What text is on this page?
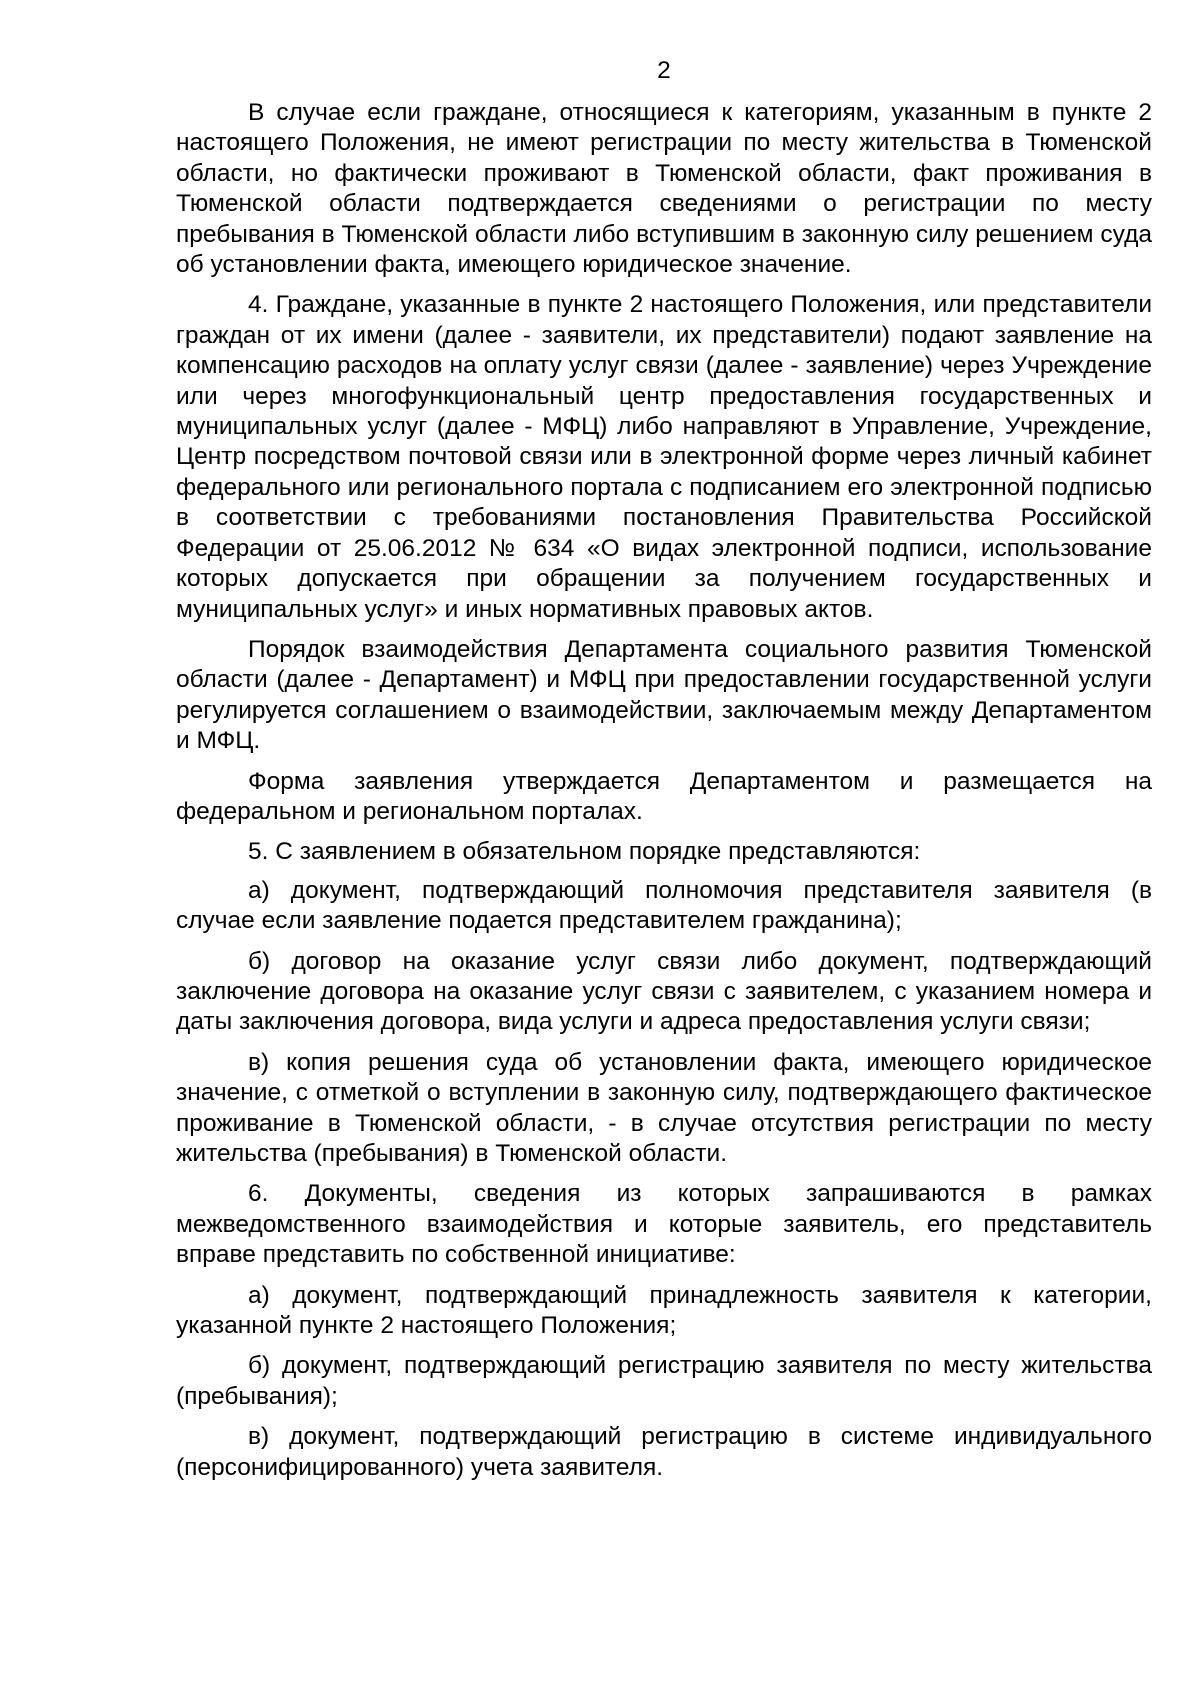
2

В случае если граждане, относящиеся к категориям, указанным в пункте 2 настоящего Положения, не имеют регистрации по месту жительства в Тюменской области, но фактически проживают в Тюменской области, факт проживания в Тюменской области подтверждается сведениями о регистрации по месту пребывания в Тюменской области либо вступившим в законную силу решением суда об установлении факта, имеющего юридическое значение.

4. Граждане, указанные в пункте 2 настоящего Положения, или представители граждан от их имени (далее - заявители, их представители) подают заявление на компенсацию расходов на оплату услуг связи (далее - заявление) через Учреждение или через многофункциональный центр предоставления государственных и муниципальных услуг (далее - МФЦ) либо направляют в Управление, Учреждение, Центр посредством почтовой связи или в электронной форме через личный кабинет федерального или регионального портала с подписанием его электронной подписью в соответствии с требованиями постановления Правительства Российской Федерации от 25.06.2012 № 634 «О видах электронной подписи, использование которых допускается при обращении за получением государственных и муниципальных услуг» и иных нормативных правовых актов.

Порядок взаимодействия Департамента социального развития Тюменской области (далее - Департамент) и МФЦ при предоставлении государственной услуги регулируется соглашением о взаимодействии, заключаемым между Департаментом и МФЦ.

Форма заявления утверждается Департаментом и размещается на федеральном и региональном порталах.

5. С заявлением в обязательном порядке представляются:

а) документ, подтверждающий полномочия представителя заявителя (в случае если заявление подается представителем гражданина);

б) договор на оказание услуг связи либо документ, подтверждающий заключение договора на оказание услуг связи с заявителем, с указанием номера и даты заключения договора, вида услуги и адреса предоставления услуги связи;

в) копия решения суда об установлении факта, имеющего юридическое значение, с отметкой о вступлении в законную силу, подтверждающего фактическое проживание в Тюменской области, - в случае отсутствия регистрации по месту жительства (пребывания) в Тюменской области.

6. Документы, сведения из которых запрашиваются в рамках межведомственного взаимодействия и которые заявитель, его представитель вправе представить по собственной инициативе:

а) документ, подтверждающий принадлежность заявителя к категории, указанной пункте 2 настоящего Положения;

б) документ, подтверждающий регистрацию заявителя по месту жительства (пребывания);

в) документ, подтверждающий регистрацию в системе индивидуального (персонифицированного) учета заявителя.
